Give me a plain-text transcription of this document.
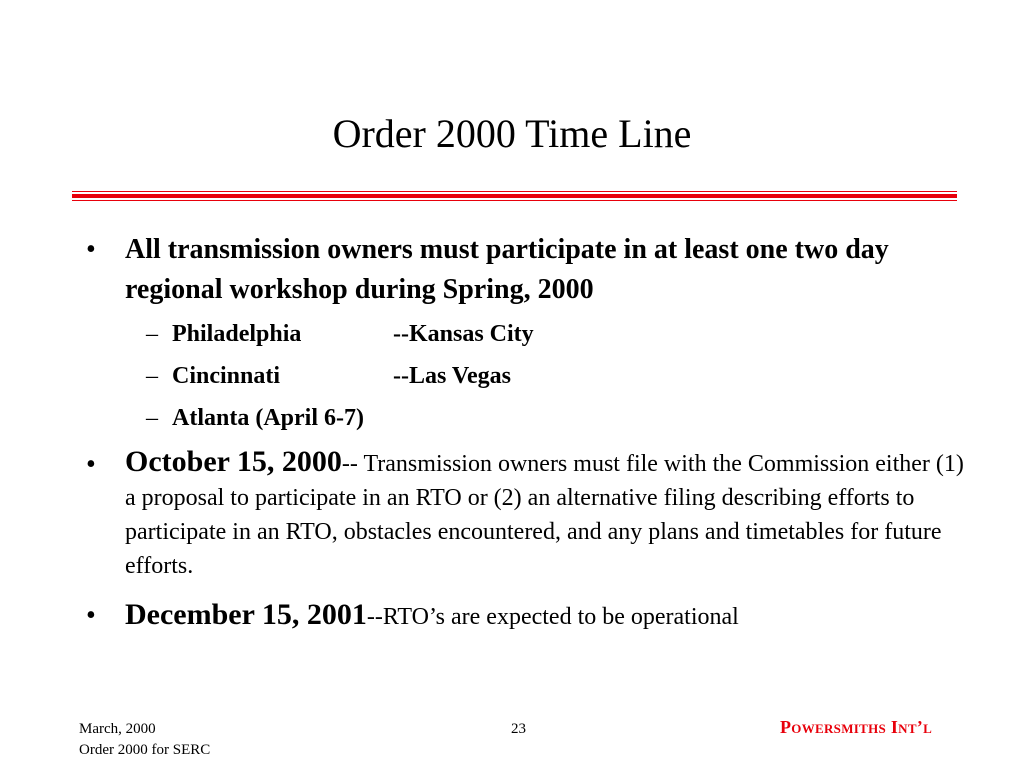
Order 2000 Time Line
• All transmission owners must participate in at least one two day regional workshop during Spring, 2000
– Philadelphia	--Kansas City
– Cincinnati	--Las Vegas
– Atlanta (April 6-7)
• October 15, 2000-- Transmission owners must file with the Commission either (1) a proposal to participate in an RTO or (2) an alternative filing describing efforts to participate in an RTO, obstacles encountered, and any plans and timetables for future efforts.
• December 15, 2001--RTO’s are expected to be operational
March, 2000
Order 2000 for SERC
23	Powersmiths Int’l
